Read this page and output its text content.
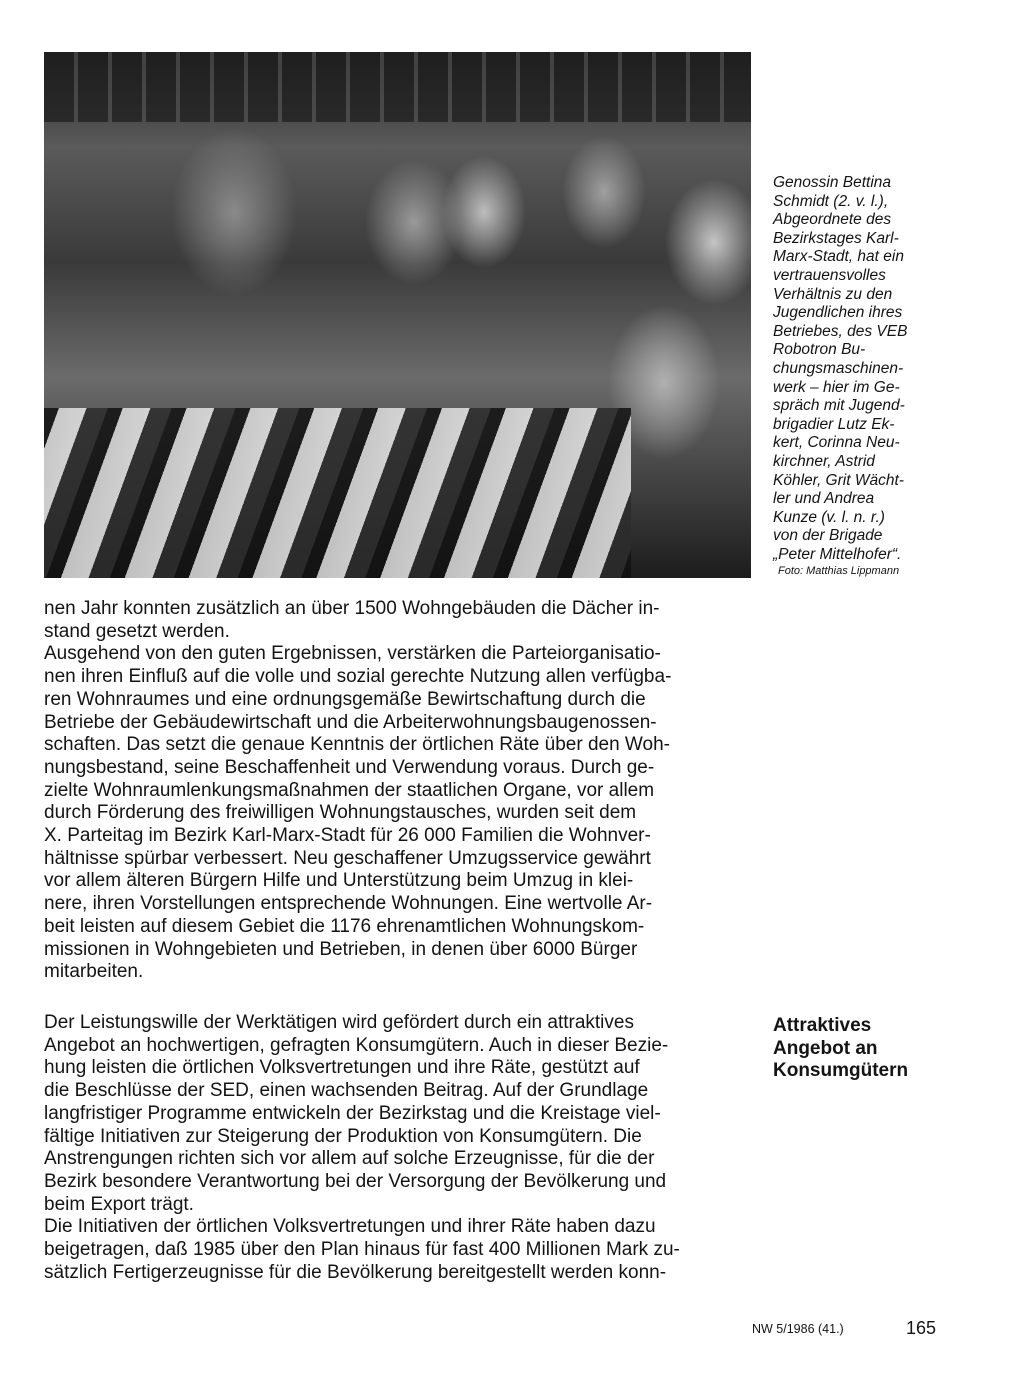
Genossin Bettina
Schmidt (2. v. l.),
Abgeordnete des
Bezirkstages Karl-
Marx-Stadt, hat ein
vertrauensvolles
Verhältnis zu den
Jugendlichen ihres
Betriebes, des VEB
Robotron Bu-
chungsmaschinen-
werk – hier im Ge-
spräch mit Jugend-
brigadier Lutz Ek-
kert, Corinna Neu-
kirchner, Astrid
Köhler, Grit Wächt-
ler und Andrea
Kunze (v. l. n. r.)
von der Brigade
„Peter Mittelhofer“.
Foto: Matthias Lippmann
nen Jahr konnten zusätzlich an über 1500 Wohngebäuden die Dächer in-
stand gesetzt werden.
Ausgehend von den guten Ergebnissen, verstärken die Parteiorganisatio-
nen ihren Einfluß auf die volle und sozial gerechte Nutzung allen verfügba-
ren Wohnraumes und eine ordnungsgemäße Bewirtschaftung durch die
Betriebe der Gebäudewirtschaft und die Arbeiterwohnungsbaugenossen-
schaften. Das setzt die genaue Kenntnis der örtlichen Räte über den Woh-
nungsbestand, seine Beschaffenheit und Verwendung voraus. Durch ge-
zielte Wohnraumlenkungsmaßnahmen der staatlichen Organe, vor allem
durch Förderung des freiwilligen Wohnungstausches, wurden seit dem
X. Parteitag im Bezirk Karl-Marx-Stadt für 26 000 Familien die Wohnver-
hältnisse spürbar verbessert. Neu geschaffener Umzugsservice gewährt
vor allem älteren Bürgern Hilfe und Unterstützung beim Umzug in klei-
nere, ihren Vorstellungen entsprechende Wohnungen. Eine wertvolle Ar-
beit leisten auf diesem Gebiet die 1176 ehrenamtlichen Wohnungskom-
missionen in Wohngebieten und Betrieben, in denen über 6000 Bürger
mitarbeiten.
Attraktives
Angebot an
Konsumgütern
Der Leistungswille der Werktätigen wird gefördert durch ein attraktives
Angebot an hochwertigen, gefragten Konsumgütern. Auch in dieser Bezie-
hung leisten die örtlichen Volksvertretungen und ihre Räte, gestützt auf
die Beschlüsse der SED, einen wachsenden Beitrag. Auf der Grundlage
langfristiger Programme entwickeln der Bezirkstag und die Kreistage viel-
fältige Initiativen zur Steigerung der Produktion von Konsumgütern. Die
Anstrengungen richten sich vor allem auf solche Erzeugnisse, für die der
Bezirk besondere Verantwortung bei der Versorgung der Bevölkerung und
beim Export trägt.
Die Initiativen der örtlichen Volksvertretungen und ihrer Räte haben dazu
beigetragen, daß 1985 über den Plan hinaus für fast 400 Millionen Mark zu-
sätzlich Fertigerzeugnisse für die Bevölkerung bereitgestellt werden konn-
NW 5/1986 (41.)	165
